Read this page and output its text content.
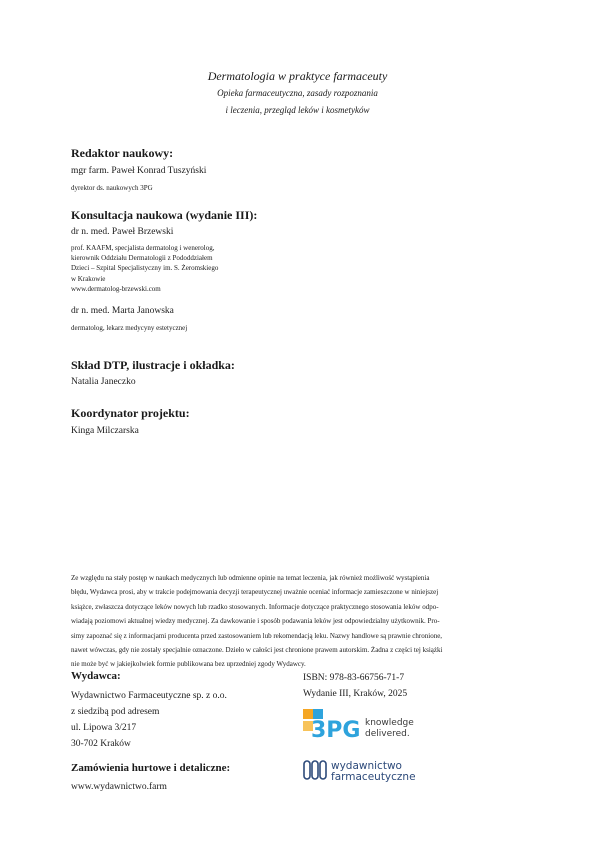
Dermatologia w praktyce farmaceuty
Opieka farmaceutyczna, zasady rozpoznania
i leczenia, przegląd leków i kosmetyków
Redaktor naukowy:
mgr farm. Paweł Konrad Tuszyński
dyrektor ds. naukowych 3PG
Konsultacja naukowa (wydanie III):
dr n. med. Paweł Brzewski
prof. KAAFM, specjalista dermatolog i wenerolog,
kierownik Oddziału Dermatologii z Pododdziałem
Dzieci – Szpital Specjalistyczny im. S. Żeromskiego
w Krakowie
www.dermatolog-brzewski.com
dr n. med. Marta Janowska
dermatolog, lekarz medycyny estetycznej
Skład DTP, ilustracje i okładka:
Natalia Janeczko
Koordynator projektu:
Kinga Milczarska
Ze względu na stały postęp w naukach medycznych lub odmienne opinie na temat leczenia, jak również możliwość wystąpienia
błędu, Wydawca prosi, aby w trakcie podejmowania decyzji terapeutycznej uważnie oceniać informacje zamieszczone w niniejszej
książce, zwłaszcza dotyczące leków nowych lub rzadko stosowanych. Informacje dotyczące praktycznego stosowania leków odpo-
wiadają poziomowi aktualnej wiedzy medycznej. Za dawkowanie i sposób podawania leków jest odpowiedzialny użytkownik. Pro-
simy zapoznać się z informacjami producenta przed zastosowaniem lub rekomendacją leku. Nazwy handlowe są prawnie chronione,
nawet wówczas, gdy nie zostały specjalnie oznaczone. Dzieło w całości jest chronione prawem autorskim. Żadna z części tej książki
nie może być w jakiejkolwiek formie publikowana bez uprzedniej zgody Wydawcy.
Wydawca:
Wydawnictwo Farmaceutyczne sp. z o.o.
z siedzibą pod adresem
ul. Lipowa 3/217
30-702 Kraków
Zamówienia hurtowe i detaliczne:
www.wydawnictwo.farm
ISBN: 978-83-66756-71-7
Wydanie III, Kraków, 2025
3PG knowledge
delivered.
wydawnictwo
farmaceutyczne
